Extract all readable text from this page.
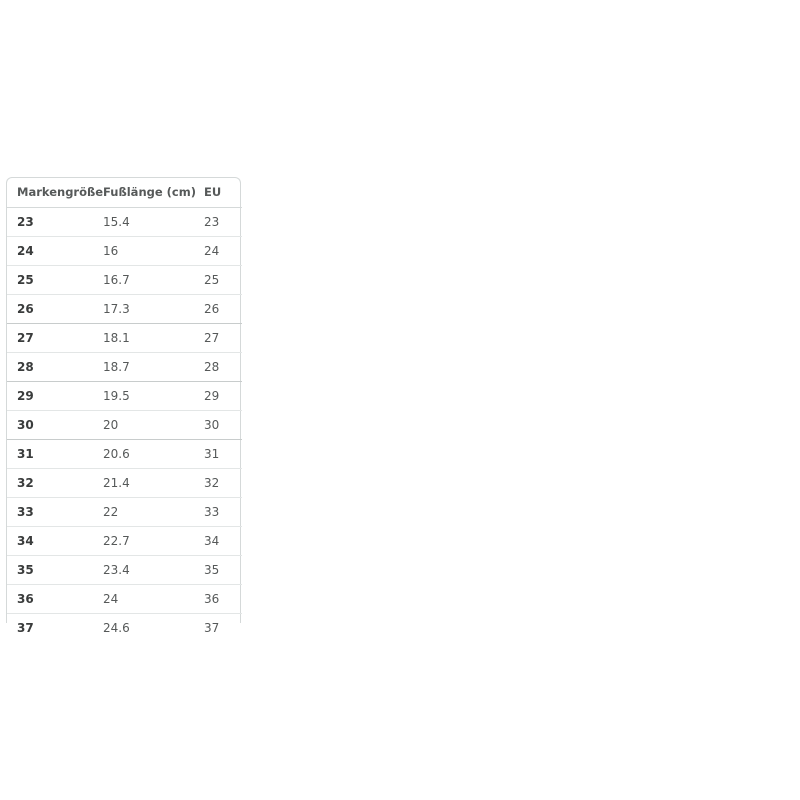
Markengröße	Fußlänge (cm)	EU
23	15.4	23
24	16	24
25	16.7	25
26	17.3	26
27	18.1	27
28	18.7	28
29	19.5	29
30	20	30
31	20.6	31
32	21.4	32
33	22	33
34	22.7	34
35	23.4	35
36	24	36
37	24.6	37
